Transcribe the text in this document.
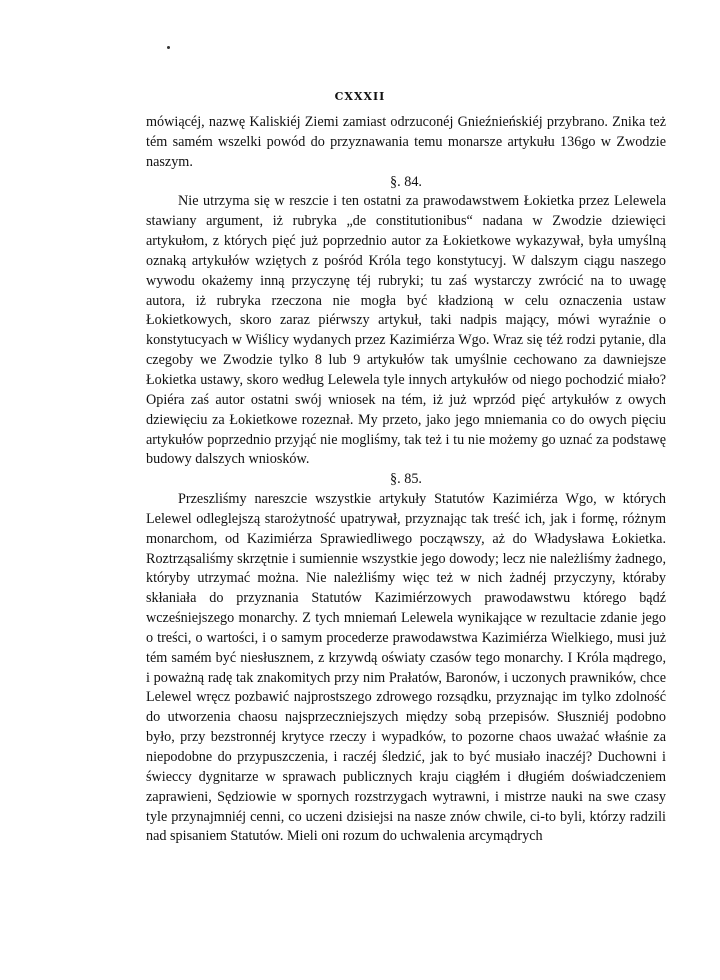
CXXXII

mówiącéj, nazwę Kaliskiéj Ziemi zamiast odrzuconéj Gnieźnieńskiéj przybrano. Znika też tém samém wszelki powód do przyznawania temu monarsze artykułu 136go w Zwodzie naszym.

§. 84.

Nie utrzyma się w reszcie i ten ostatni za prawodawstwem Łokietka przez Lelewela stawiany argument, iż rubryka „de constitutionibus“ nadana w Zwodzie dziewięci artykułom, z których pięć już poprzednio autor za Łokietkowe wykazywał, była umyślną oznaką artykułów wziętych z pośród Króla tego konstytucyj. W dalszym ciągu naszego wywodu okażemy inną przyczynę téj rubryki; tu zaś wystarczy zwrócić na to uwagę autora, iż rubryka rzeczona nie mogła być kładzioną w celu oznaczenia ustaw Łokietkowych, skoro zaraz piérwszy artykuł, taki nadpis mający, mówi wyraźnie o konstytucyach w Wiślicy wydanych przez Kazimiérza Wgo. Wraz się téż rodzi pytanie, dla czegoby we Zwodzie tylko 8 lub 9 artykułów tak umyślnie cechowano za dawniejsze Łokietka ustawy, skoro według Lelewela tyle innych artykułów od niego pochodzić miało? Opiéra zaś autor ostatni swój wniosek na tém, iż już wprzód pięć artykułów z owych dziewięciu za Łokietkowe rozeznał. My przeto, jako jego mniemania co do owych pięciu artykułów poprzednio przyjąć nie mogliśmy, tak też i tu nie możemy go uznać za podstawę budowy dalszych wniosków.

§. 85.

Przeszliśmy nareszcie wszystkie artykuły Statutów Kazimiérza Wgo, w których Lelewel odleglejszą starożytność upatrywał, przyznając tak treść ich, jak i formę, różnym monarchom, od Kazimiérza Sprawiedliwego począwszy, aż do Władysława Łokietka. Roztrząsaliśmy skrzętnie i sumiennie wszystkie jego dowody; lecz nie należliśmy żadnego, któryby utrzymać można. Nie należliśmy więc też w nich żadnéj przyczyny, któraby skłaniała do przyznania Statutów Kazimiérzowych prawodawstwu którego bądź wcześniejszego monarchy. Z tych mniemań Lelewela wynikające w rezultacie zdanie jego o treści, o wartości, i o samym procederze prawodawstwa Kazimiérza Wielkiego, musi już tém samém być niesłusznem, z krzywdą oświaty czasów tego monarchy. I Króla mądrego, i poważną radę tak znakomitych przy nim Prałatów, Baronów, i uczonych prawników, chce Lelewel wręcz pozbawić najprostszego zdrowego rozsądku, przyznając im tylko zdolność do utworzenia chaosu najsprzeczniejszych między sobą przepisów. Słuszniéj podobno było, przy bezstronnéj krytyce rzeczy i wypadków, to pozorne chaos uważać właśnie za niepodobne do przypuszczenia, i raczéj śledzić, jak to być musiało inaczéj? Duchowni i świeccy dygnitarze w sprawach publicznych kraju ciągłém i długiém doświadczeniem zaprawieni, Sędziowie w spornych rozstrzygach wytrawni, i mistrze nauki na swe czasy tyle przynajmniéj cenni, co uczeni dzisiejsi na nasze znów chwile, ci-to byli, którzy radzili nad spisaniem Statutów. Mieli oni rozum do uchwalenia arcymądrych
